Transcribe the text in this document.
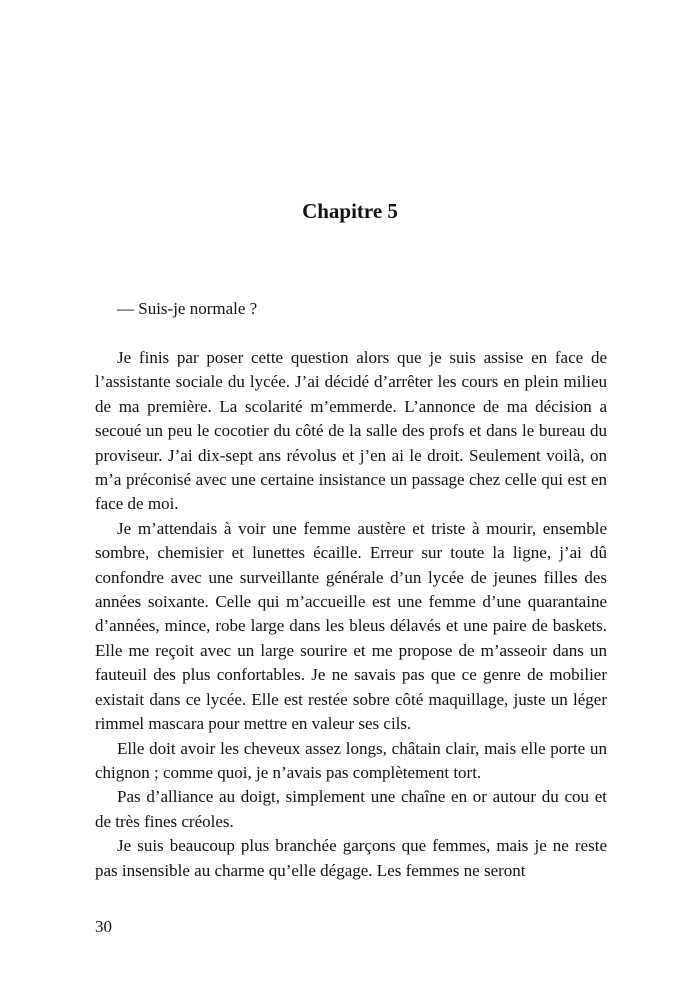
Chapitre 5

— Suis-je normale ?

Je finis par poser cette question alors que je suis assise en face de l’assistante sociale du lycée. J’ai décidé d’arrêter les cours en plein milieu de ma première. La scolarité m’emmerde. L’annonce de ma décision a secoué un peu le cocotier du côté de la salle des profs et dans le bureau du proviseur. J’ai dix-sept ans révolus et j’en ai le droit. Seulement voilà, on m’a préconisé avec une certaine insistance un passage chez celle qui est en face de moi.

Je m’attendais à voir une femme austère et triste à mourir, ensemble sombre, chemisier et lunettes écaille. Erreur sur toute la ligne, j’ai dû confondre avec une surveillante générale d’un lycée de jeunes filles des années soixante. Celle qui m’accueille est une femme d’une quarantaine d’années, mince, robe large dans les bleus délavés et une paire de baskets. Elle me reçoit avec un large sourire et me propose de m’asseoir dans un fauteuil des plus confortables. Je ne savais pas que ce genre de mobilier existait dans ce lycée. Elle est restée sobre côté maquillage, juste un léger rimmel mascara pour mettre en valeur ses cils.

Elle doit avoir les cheveux assez longs, châtain clair, mais elle porte un chignon ; comme quoi, je n’avais pas complètement tort.

Pas d’alliance au doigt, simplement une chaîne en or autour du cou et de très fines créoles.

Je suis beaucoup plus branchée garçons que femmes, mais je ne reste pas insensible au charme qu’elle dégage. Les femmes ne seront

30
